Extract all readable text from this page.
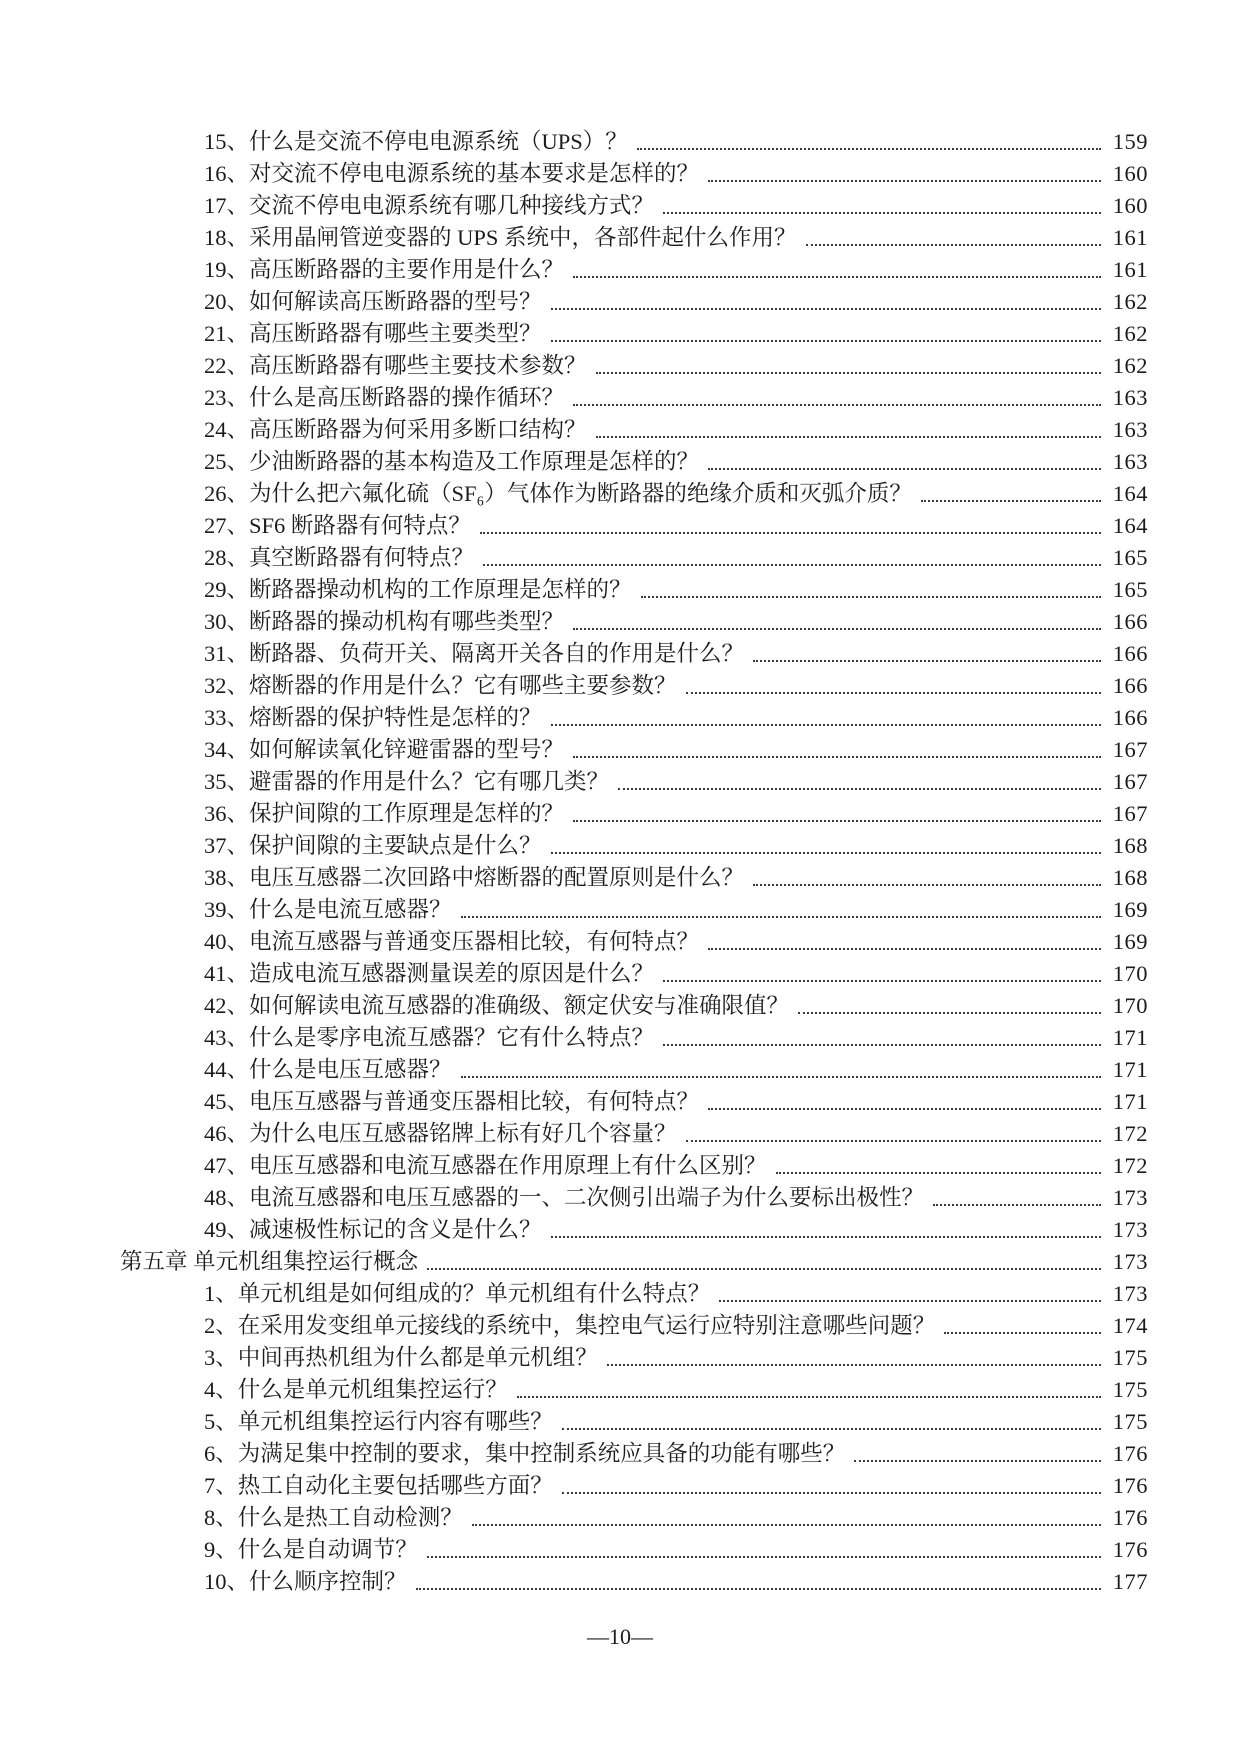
15、什么是交流不停电电源系统（UPS）？	159
16、对交流不停电电源系统的基本要求是怎样的？	160
17、交流不停电电源系统有哪几种接线方式？	160
18、采用晶闸管逆变器的 UPS 系统中，各部件起什么作用？	161
19、高压断路器的主要作用是什么？	161
20、如何解读高压断路器的型号？	162
21、高压断路器有哪些主要类型？	162
22、高压断路器有哪些主要技术参数？	162
23、什么是高压断路器的操作循环？	163
24、高压断路器为何采用多断口结构？	163
25、少油断路器的基本构造及工作原理是怎样的？	163
26、为什么把六氟化硫（SF₆）气体作为断路器的绝缘介质和灭弧介质？	164
27、SF6 断路器有何特点？	164
28、真空断路器有何特点？	165
29、断路器操动机构的工作原理是怎样的？	165
30、断路器的操动机构有哪些类型？	166
31、断路器、负荷开关、隔离开关各自的作用是什么？	166
32、熔断器的作用是什么？它有哪些主要参数？	166
33、熔断器的保护特性是怎样的？	166
34、如何解读氧化锌避雷器的型号？	167
35、避雷器的作用是什么？它有哪几类？	167
36、保护间隙的工作原理是怎样的？	167
37、保护间隙的主要缺点是什么？	168
38、电压互感器二次回路中熔断器的配置原则是什么？	168
39、什么是电流互感器？	169
40、电流互感器与普通变压器相比较，有何特点？	169
41、造成电流互感器测量误差的原因是什么？	170
42、如何解读电流互感器的准确级、额定伏安与准确限值？	170
43、什么是零序电流互感器？它有什么特点？	171
44、什么是电压互感器？	171
45、电压互感器与普通变压器相比较，有何特点？	171
46、为什么电压互感器铭牌上标有好几个容量？	172
47、电压互感器和电流互感器在作用原理上有什么区别？	172
48、电流互感器和电压互感器的一、二次侧引出端子为什么要标出极性？	173
49、减速极性标记的含义是什么？	173
第五章 单元机组集控运行概念	173
1、单元机组是如何组成的？单元机组有什么特点？	173
2、在采用发变组单元接线的系统中，集控电气运行应特别注意哪些问题？	174
3、中间再热机组为什么都是单元机组？	175
4、什么是单元机组集控运行？	175
5、单元机组集控运行内容有哪些？	175
6、为满足集中控制的要求，集中控制系统应具备的功能有哪些？	176
7、热工自动化主要包括哪些方面？	176
8、什么是热工自动检测？	176
9、什么是自动调节？	176
10、什么顺序控制？	177
—10—
